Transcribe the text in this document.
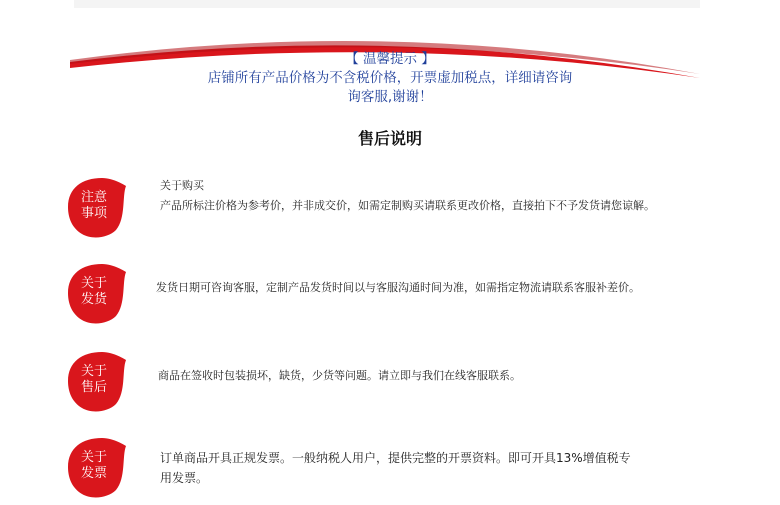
【 温馨提示 】
店铺所有产品价格为不含税价格，开票虚加税点，详细请咨询
询客服,谢谢！
售后说明
注意
事项
关于购买
产品所标注价格为参考价，并非成交价，如需定制购买请联系更改价格，直接拍下不予发货请您谅解。
关于
发货
发货日期可咨询客服，定制产品发货时间以与客服沟通时间为准，如需指定物流请联系客服补差价。
关于
售后
商品在签收时包装损坏，缺货，少货等问题。请立即与我们在线客服联系。
关于
发票
订单商品开具正规发票。一般纳税人用户，提供完整的开票资料。即可开具13%增值税专
用发票。
